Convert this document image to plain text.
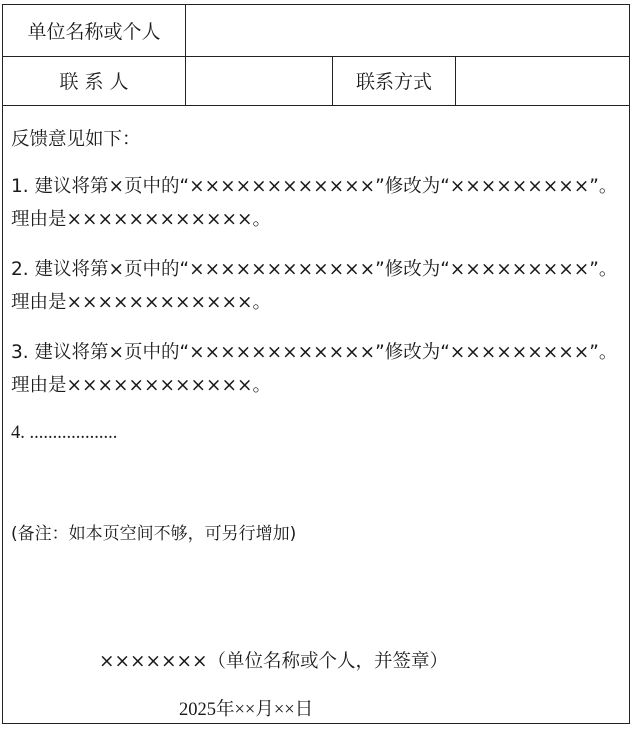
单位名称或个人
联 系 人	联系方式
反馈意见如下：
1. 建议将第×页中的“××××××××××××”修改为“×××××××××”。理由是××××××××××××。
2. 建议将第×页中的“××××××××××××”修改为“×××××××××”。理由是××××××××××××。
3. 建议将第×页中的“××××××××××××”修改为“×××××××××”。理由是××××××××××××。
4. ...................
(备注：如本页空间不够，可另行增加)
×××××××（单位名称或个人，并签章）
2025年××月××日
